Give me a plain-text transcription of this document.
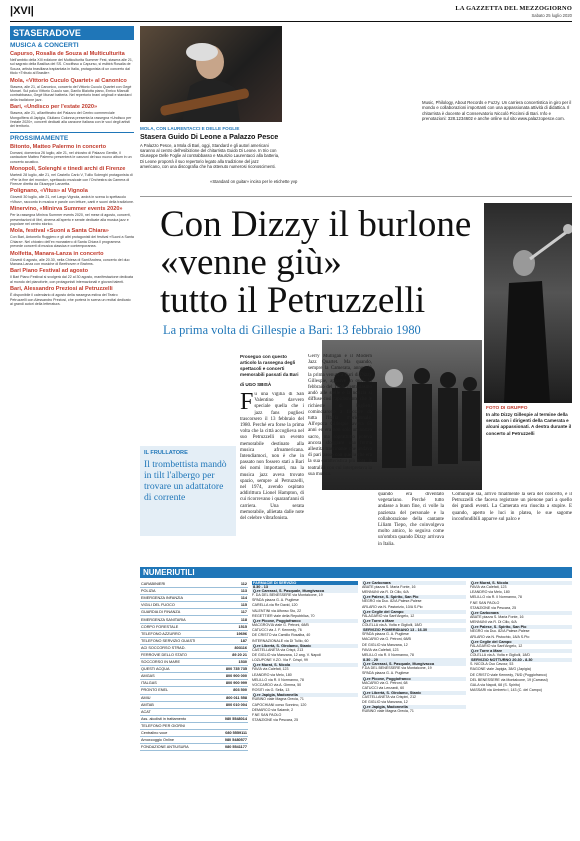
|XVI|	LA GAZZETTA DEL MEZZOGIORNO
Sabato 25 luglio 2020
STASERADOVE
MUSICA & CONCERTI
Capurso, Rosalia de Souza al Multiculturita
Nell'ambito della XIII edizione del Multiculturita Summer Fest, stasera alle 21, sul sagrato della Basilica del SS. Crocifisso a Capurso, si esibirà Rosalia de Souza, artista brasiliana trapiantata in Italia, protagonista di un concerto dal titolo «Tributo al Brasile».
Mola, «Vittorio Cuculo Quartet» al Canonico
Stasera, alle 21, al Canonico, concerto del Vittorio Cuculo Quartet con Gegè Munari. Sul palco Vittorio Cuculo sax, Danilo Blaiotta piano, Enrico Mianulli contrabbasso, Gegè Munari batteria. Nel repertorio brani originali e standard della tradizione jazz.
Bari, «Undisco per l'estate 2020»
Stasera, alle 21, all'anfiteatro del Palazzo del Centro commerciale Mongolfiera di Japigia, Giuliano Colonna presenta la rassegna «Undisco per l'estate 2020», concerti dedicati alla canzone italiana con le voci degli artisti del territorio.
PROSSIMAMENTE
Bitonto, Matteo Palermo in concerto
Domani, domenica 26 luglio, alle 21, nel chiostro di Palazzo Gentile, il cantautore Matteo Palermo presenterà le canzoni del suo nuovo album in un concerto acustico.
Monopoli, Solenghi e tinedi archi di Firenze
Martedì 28 luglio, alle 21, nel Castello Carlo V, Tullio Solenghi protagonista di «Per la fine del mondo», spettacolo musicale con l'Orchestra da Camera di Firenze diretta da Giuseppe Lanzetta.
Polignano, «Vitus» al Vignola
Giovedì 30 luglio, alle 21, nel Largo Vignola, andrà in scena lo spettacolo «Vitus», racconto in musica e parole con letture, canti e suoni della tradizione.
Minervino, «Minirva Summer events 2020»
Per la rassegna Minirva Summer events 2020, nel mese di agosto, concerti, presentazioni di libri, cinema all'aperto e serate dedicate alla musica jazz e popolare nel centro storico.
Mola, festival «Suoni a Santa Chiara»
Con Bari, Antonello Ruggiero e gli altri protagonisti del festival «Suoni a Santa Chiara». Nel chiostro dell'ex monastero di Santa Chiara il programma prevede concerti di musica classica e contemporanea.
Molfetta, Manara-Lanza in concerto
Giovedì 6 agosto, alle 20.30, nella Chiesa di Sant'Andrea, concerto del duo Manara-Lanza con musiche di Beethoven e Brahms.
Bari Piano Festival ad agosto
Il Bari Piano Festival si svolgerà dal 22 al 30 agosto, manifestazione dedicata al mondo del pianoforte, con protagonisti internazionali e giovani talenti.
Bari, Alessandro Preziosi al Petruzzelli
È disponibile il calendario di agosto della rassegna estiva del Teatro Petruzzelli con Alessandro Preziosi, che porterà in scena un recital dedicato ai grandi autori della letteratura.
MOLA, CON LAURENTACCI E DELLE FOGLIE
Stasera Guido Di Leone a Palazzo Pesce

A Palazzo Pesce, a Mola di Bari, oggi, Standard e gli autori americani saranno al centro dell'esibizione del chitarrista Guido Di Leone. In trio con Giuseppe Delle Foglie al contrabbasso e Maurizio Laurentacci alla batteria, Di Leone proporrà il suo repertorio legato alla tradizione del jazz americano, con una discografia che ha ottenuto numerosi riconoscimenti.

«Standard on guitar» inciso per le etichette yvp

Music, Philology, About Records e Fuzzy. Un carriera concertistica in giro per il mondo e collaborazioni importanti con una appassionata attività di didattica. Il chitarrista è docente al Conservatorio Niccolò Piccinni di Bari. Info e prenotazioni: 328.1234602 e anche online sul sito www.palazzopesce.com.

Con Dizzy il burlone
«venne giù»
tutto il Petruzzelli
La prima volta di Gillespie a Bari: 13 febbraio 1980
FOTO DI GRUPPO
In alto Dizzy Gillespie al termine della serata con i dirigenti della Camerata e alcuni appassionati. A destra durante il concerto al Petruzzelli
Proseguo con questo articolo la rassegna degli spettacoli e concerti memorabili passati da Bari
di UGO SBISÀ
IL FRULLATORE
Il trombettista mandò in tilt l'albergo per trovare un adattatore di corrente
F u una vigilia di San Valentino davvero speciale quella che i jazz fans pugliesi trascorsero il 13 febbraio del 1980. Perché era forse la prima volta che la città accoglieva nel suo Petruzzelli un evento memorabile destinato alla musica afroamericana. Intendiamoci, non è che in passato non fossero stati a Bari dei nomi importanti, ma la musica jazz aveva trovato spazio, sempre al Petruzzelli, nel 1974, avendo ospitato addirittura Lionel Hampton, di cui ricorrevano i quarant'anni di carriera. Una serata memorabile, allietata dalle note del celebre vibrafonista.

Gerry Mulligan e il Modern Jazz Quartet. Ma quando, sempre la Camerata, annunciò la prima venuta a Bari di Dizzy Gillespie, apparve in quel 13 febbraio del 1980, l'entusiasmo andò alle stelle e la notizia si diffuse così rapidamente che le richieste di biglietti cominciarono a fioccare da tutta l'Italia meridionale. All'epoca Gillespie aveva 63 anni ed era non solo un nostro sacro, ma soprattutto poteva ancora sfoggiare una forma allestita trascinante che andava di pari passo con quella che era la sua caratteristica più nota: la teatralità con cui interpretava la sua musica.

quando era diventato vegetariano. Perché tutto andasse a buon fine, ci volle la pazienza del personale e la collaborazione della cantante Liliam Tiepo, che coinvolgeva molto amico, lo seguiva come un'ombra quando Dizzy arrivava in Italia.

Comunque sia, arrivò finalmente la sera del concerto, e il Petruzzelli che faceva registrare un pienone pari a quello dei grandi eventi. La Camerata era riuscita a stupire. E quando, aperto le luci in platea, le sue sagome inconfondibili apparve sul palco e

NUMERIUTILI
CARABINIERI	112
POLIZIA	113
EMERGENZA INFANZIA	114
VIGILI DEL FUOCO	115
GUARDIA DI FINANZA	117
EMERGENZA SANITARIA	118
CORPO FORESTALE	1515
TELEFONO AZZURRO	19696
TELEFONO SERVIZIO GUASTI	187
ACI SOCCORSO STRAD.	803116
FERROVIE DELLO STATO	89 20 21
SOCCORSO IN MARE	1530
QUESTI ACQUA	800 735 735
AMGAS	800 900 000
ITALGAS	800 900 999
PRONTO ENEL	803 500
AMIU	800 011 558
AMTAB	800 010 004
ACAT	
Ass. alcolisti in trattamento	080 5548014
TELEFONO PER GIORNI	
Centralino voce	080 5559111
Amoxcoggio Online	080 5480577
FONDAZIONE ANTIUSURA	080 5541177
FARMACIE DI SERVIZIO
8.30 - 13
Q.re Carrassi, S. Pasquale, Mungivacca
F. DA DEL BENESSERE via Montalcone, 19
SPADA piazza G. A. Pugliese
CARELLA via Re David, 120
VALENTINI via Alfonso Sto, 22
REGETTIER viale della Repubblica, 70
Q.re Picone, Poggiofranco
MACGROVIA viale G. Petroni, 68/B
CATUCCI via J. F. Kennedy, 76
DE CRISTO via Camillo Rosalba, 40
INTERNAZIONALE via Di Tullio, 60
Q.re Libertà, S. Girolamo, Stanic
CASTELLANETA via Crispi, 213
DE GIGLIO via Manzana, 12 ang. V. Napoli
LOZUPONE V.ZO. Via F. Crispi, 99
Q.re Murat, S. Nicola
FAVIA via Calefati, 123
LEANDRO via Melo, 180
MELILLO via R. Il Normanno, 78
VOCCARDO via A. Gimma, 50
ROSITI via G. Sella, 13
Q.re Japigia, Madonnella
RUBINO viale Magna Grecia, 71
CAPOCHIANI corso Sonnino, 120
DEMARCO via Salandr, 2
F.NE SAN PAOLO
STANZIONE via Pescara, 25
Q.re Carbonara
ABATE piazza S. Maria Fonte, 16
MENNUNI via R. Di Cillo, 6/A
Q.re Palese, S. Spirito, San Pio
NEGRO via Duc. 82/A Palese-Palese
ARLARO via N. Pastorizio, 10/A S.Pio
Q.re Ceglie del Campo
FALAGARIO via Sant'Angelo, 12
Q.re Torre a Mare
COLELLA via A. Volta e Gigliolii, 18/D
SERVIZIO POMERIDIANO 13 - 16.30
SPADA piazza G. A. Pugliese
MACARIO via G. Petroni, 68/B
DE GIGLIO via Manzana, 12
FAVIA via Calefati, 123
MELILLO via R. Il Normanno, 78
8.30 - 20
Q.re Carrassi, S. Pasquale, Mungivacca
F.DA DEL BENESSERE via Montalcone, 19
SPADA piazza G. A. Pugliese
Q.re Picone, Poggiofranco
MACARIO via G. Petroni, 68
CATUCCI via Lenzardi, 60
Q.re Libertà, S. Girolamo, Stanic
CASTELLANETA via Crispini, 212
DE GIGLIO via Manzana, 12
Q.re Japigia, Madonnella
RUBINO viale Magna Grecia, 71
Q.re Murat, S. Nicola
FAVIA via Calefati, 123
LEANDRO via Melo, 180
MELILLO via R. Il Normanno, 78
F.NE SAN PAOLO
STANZIONE via Pescara, 25
Q.re Carbonara
ABATE piazza S. Maria Fonte, 16
MENNUNI via R. Di Cillo, 6/A
Q.re Palese, S. Spirito, San Pio
NEGRO via Duc. 82/A Palese-Palese
ARLARO via N. Pistochio, 18/A S.Pio
Q.re Ceglie del Campo
FALAGARIO via Sant'Angelo, 12
Q.re Torre a Mare
COLELLA via A. Volta e Gigliolii, 18/D
SERVIZIO NOTTURNO 20.30 - 8.30
S. NICOLA Cso Cavour, 53
RAGONE viale Japigia, 38/G (Japigia)
DE CRISTO viale Kennedy, 76/D (Poggiofranco)
DEL BENESSERE via Montalcone, 19 (Carrassi)
GALA via Napoli, 68 (S. Spirito)
MASSARI via Umberto I, 143 (C. del Campo)
